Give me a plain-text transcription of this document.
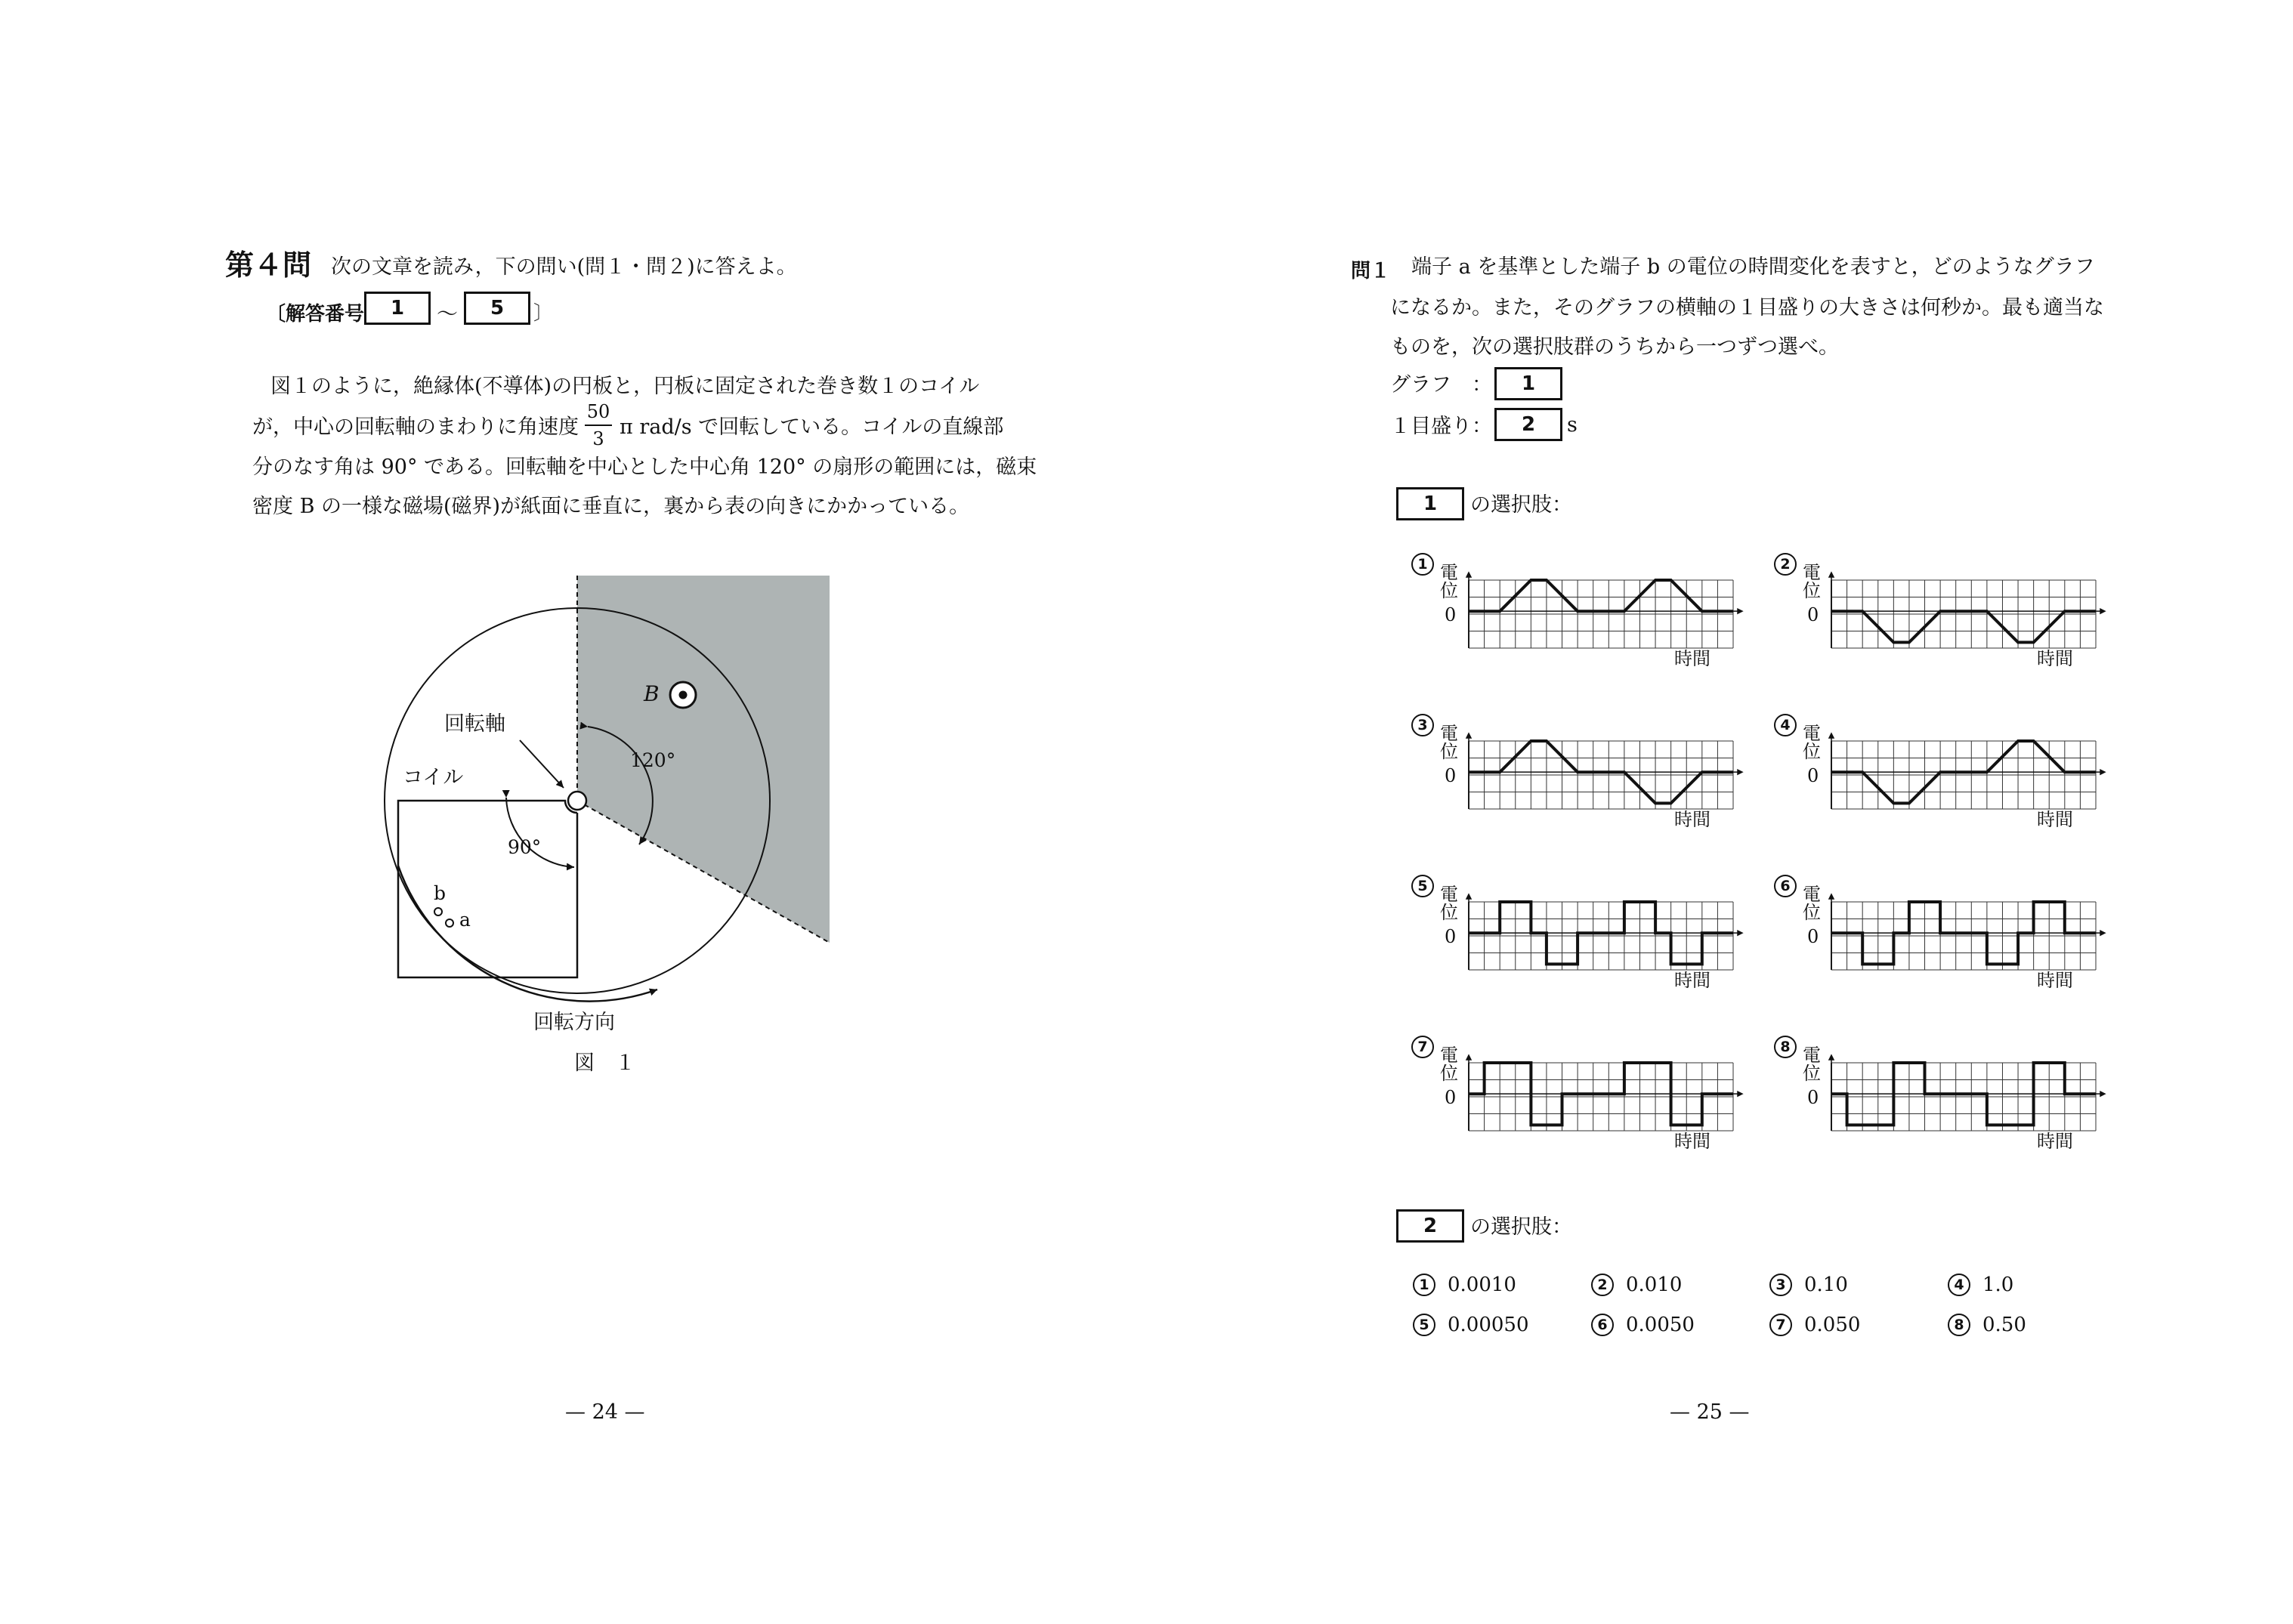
第４問 次の文章を読み，下の問い(問１・問２)に答えよ。
〔解答番号	1	〜	5	〕
図１のように，絶縁体(不導体)の円板と，円板に固定された巻き数１のコイル
が，中心の回転軸のまわりに角速度
50
3 π rad/s で回転している。コイルの直線部
分のなす角は 90° である。回転軸を中心とした中心角 120° の扇形の範囲には，磁束
密度 B の一様な磁場(磁界)が紙面に垂直に，裏から表の向きにかかっている。
B
回転軸
コイル
120°
90°
b
a
回転方向
図　１
— 24 —
問１ 端子 a を基準とした端子 b の電位の時間変化を表すと，どのようなグラフ
になるか。また，そのグラフの横軸の１目盛りの大きさは何秒か。最も適当な
ものを，次の選択肢群のうちから一つずつ選べ。
グラフ　：	1
１目盛り：	2	s
1	の選択肢：
1 電
位
0
時間
2 電
位
0
時間
3 電
位
0
時間
4 電
位
0
時間
5 電
位
0
時間
6 電
位
0
時間
7 電
位
0
時間
8 電
位
0
時間
2	の選択肢：
1 0.0010	2 0.010	3 0.10	4 1.0
5 0.00050	6 0.0050	7 0.050	8 0.50
— 25 —
